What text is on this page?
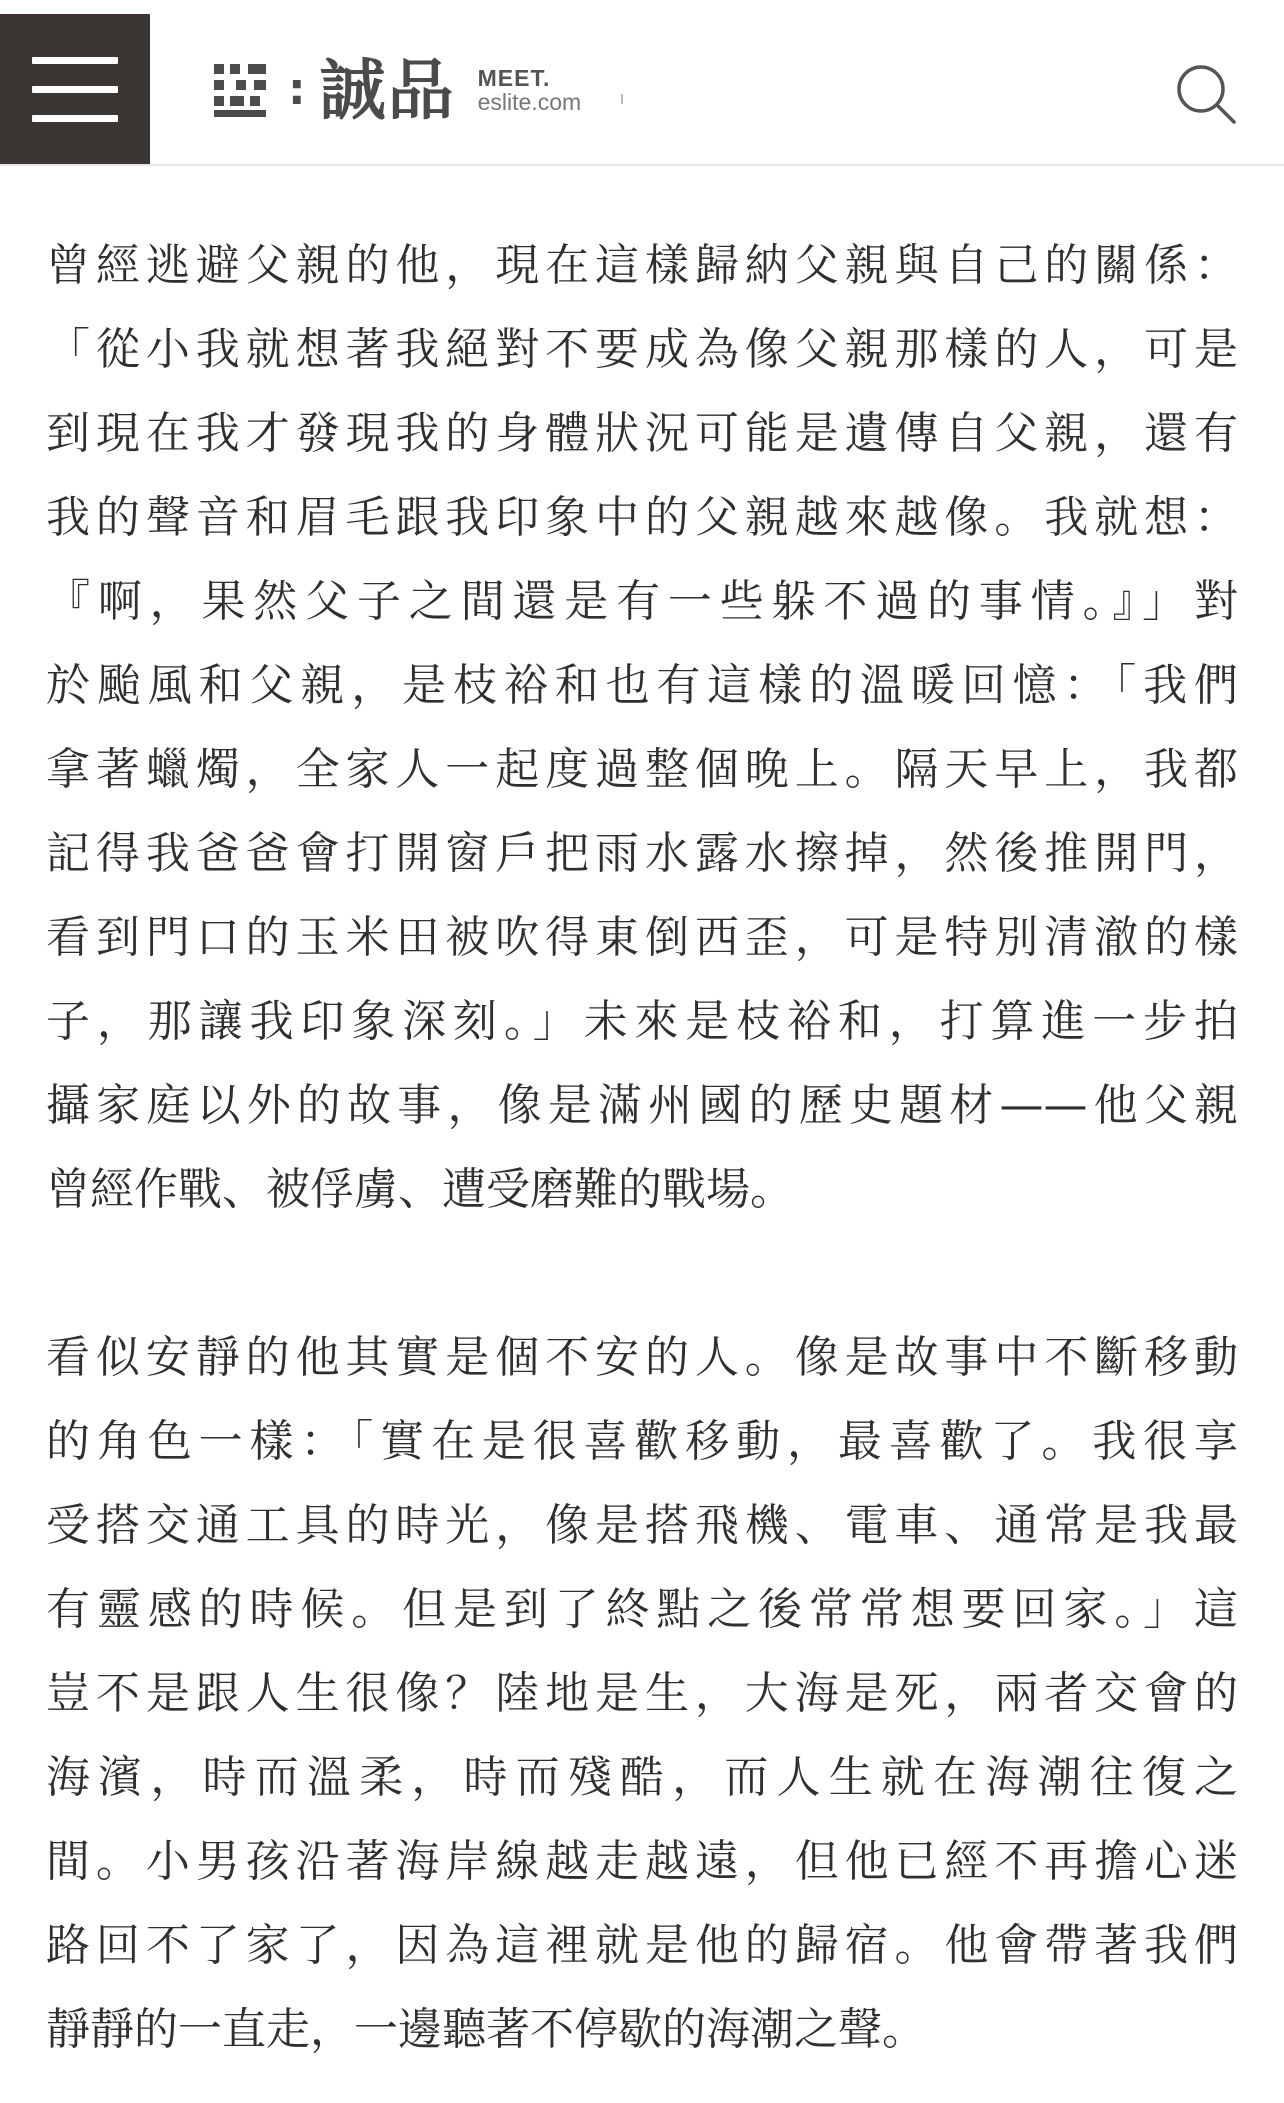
: 誠品 MEET.
eslite.com

曾經逃避父親的他，現在這樣歸納父親與自己的關係：
「從小我就想著我絕對不要成為像父親那樣的人，可是
到現在我才發現我的身體狀況可能是遺傳自父親，還有
我的聲音和眉毛跟我印象中的父親越來越像。我就想：
『啊，果然父子之間還是有一些躲不過的事情。』」對
於颱風和父親，是枝裕和也有這樣的溫暖回憶：「我們
拿著蠟燭，全家人一起度過整個晚上。隔天早上，我都
記得我爸爸會打開窗戶把雨水露水擦掉，然後推開門，
看到門口的玉米田被吹得東倒西歪，可是特別清澈的樣
子，那讓我印象深刻。」未來是枝裕和，打算進一步拍
攝家庭以外的故事，像是滿州國的歷史題材——他父親
曾經作戰、被俘虜、遭受磨難的戰場。

看似安靜的他其實是個不安的人。像是故事中不斷移動
的角色一樣：「實在是很喜歡移動，最喜歡了。我很享
受搭交通工具的時光，像是搭飛機、電車、通常是我最
有靈感的時候。但是到了終點之後常常想要回家。」這
豈不是跟人生很像？陸地是生，大海是死，兩者交會的
海濱，時而溫柔，時而殘酷，而人生就在海潮往復之
間。小男孩沿著海岸線越走越遠，但他已經不再擔心迷
路回不了家了，因為這裡就是他的歸宿。他會帶著我們
靜靜的一直走，一邊聽著不停歇的海潮之聲。
